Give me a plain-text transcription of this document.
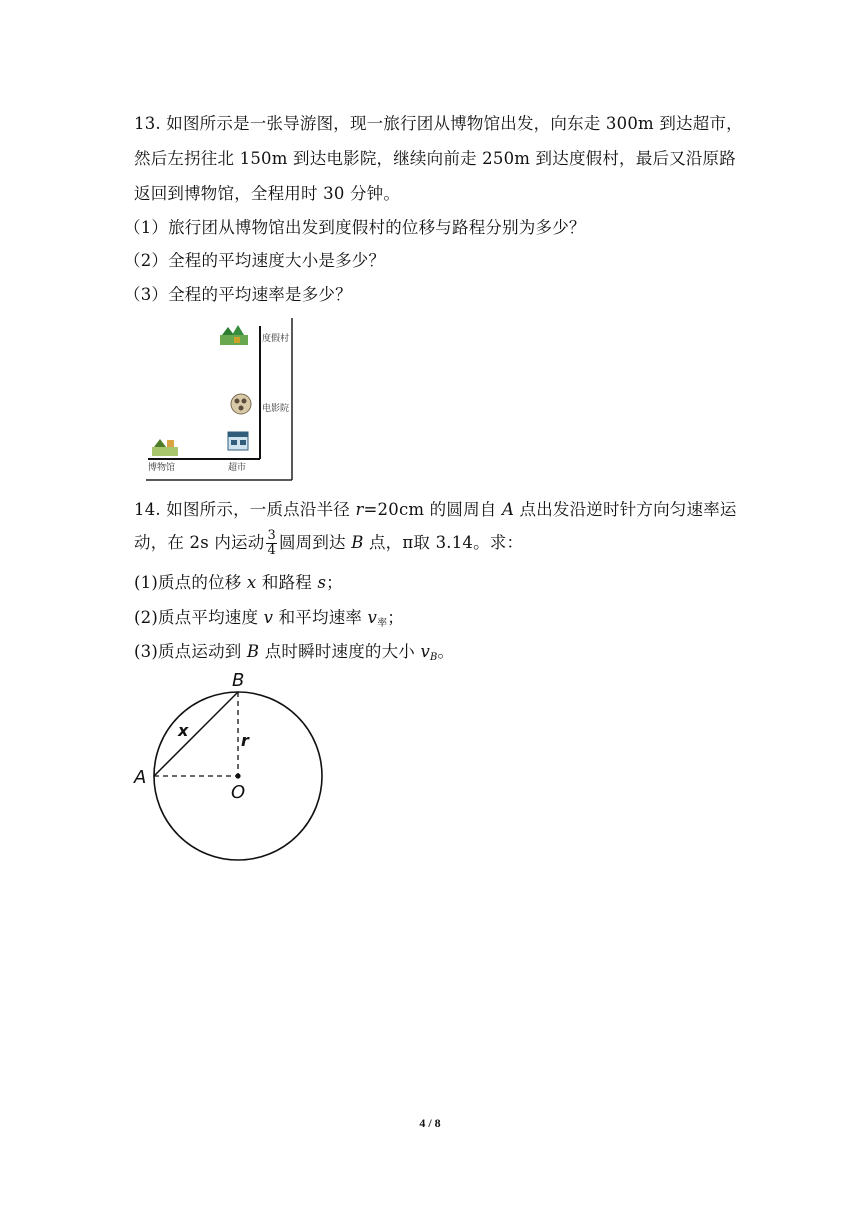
13. 如图所示是一张导游图，现一旅行团从博物馆出发，向东走 300m 到达超市，
然后左拐往北 150m 到达电影院，继续向前走 250m 到达度假村，最后又沿原路
返回到博物馆，全程用时 30 分钟。
（1）旅行团从博物馆出发到度假村的位移与路程分别为多少？
（2）全程的平均速度大小是多少？
（3）全程的平均速率是多少？
度假村
电影院
超市
博物馆
14. 如图所示，一质点沿半径 r=20cm 的圆周自 A 点出发沿逆时针方向匀速率运
动，在 2s 内运动 $\frac{3}{4}$ 圆周到达 B 点，π取 3.14。求：
(1)质点的位移 x 和路程 s；
(2)质点平均速度 v 和平均速率 $v_率$；
(3)质点运动到 B 点时瞬时速度的大小 $v_B$。
B
A
O
x
r
4 / 8
